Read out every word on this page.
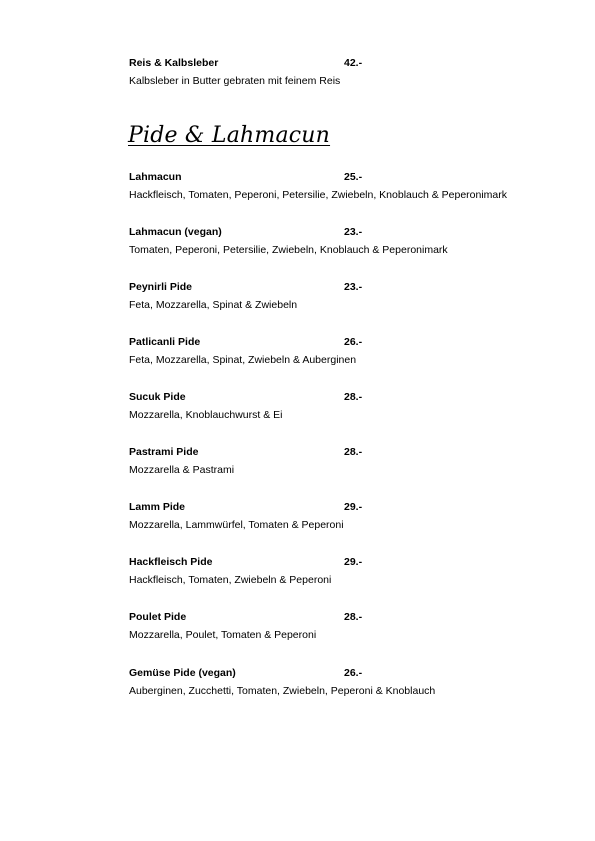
Reis & Kalbsleber	42.-
Kalbsleber in Butter gebraten mit feinem Reis
Pide & Lahmacun
Lahmacun	25.-
Hackfleisch, Tomaten, Peperoni, Petersilie, Zwiebeln, Knoblauch & Peperonimark
Lahmacun (vegan)	23.-
Tomaten, Peperoni, Petersilie, Zwiebeln, Knoblauch & Peperonimark
Peynirli Pide	23.-
Feta, Mozzarella, Spinat & Zwiebeln
Patlicanli Pide	26.-
Feta, Mozzarella, Spinat, Zwiebeln & Auberginen
Sucuk Pide	28.-
Mozzarella, Knoblauchwurst & Ei
Pastrami Pide	28.-
Mozzarella & Pastrami
Lamm Pide	29.-
Mozzarella, Lammwürfel, Tomaten & Peperoni
Hackfleisch Pide	29.-
Hackfleisch, Tomaten, Zwiebeln & Peperoni
Poulet Pide	28.-
Mozzarella, Poulet, Tomaten & Peperoni
Gemüse Pide (vegan)	26.-
Auberginen, Zucchetti, Tomaten, Zwiebeln, Peperoni & Knoblauch
